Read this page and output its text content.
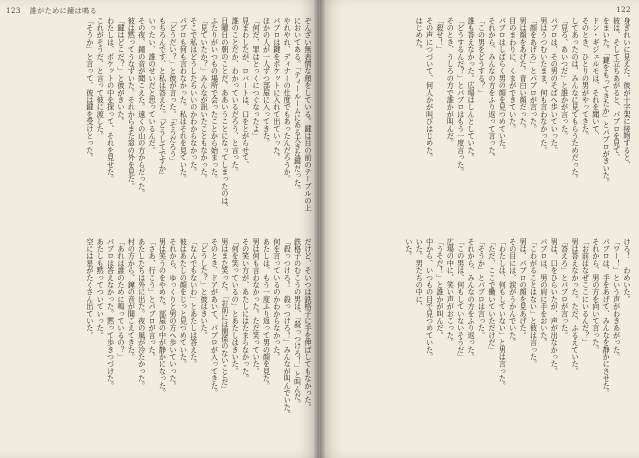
123 誰がために鐘は鳴る
ぞんざい無表情な顔をしている。鍵は目の前のテーブルの上
においてある。「ティールームにある大きな鍵だった。
やれやれ、ディナーの仕度でもあったんだろうか。
パブロは鍵をポケットに入れて出ていった。
ほかの人が一人ずつ部屋に入ってきた。
「何だ、罪はとっくにつぐなったよ」
見まわしたが、ロバートは、口をとがらせて、
誰のことだか、わかっているだろう、と言った。
日曜日の朝のことだ。ああいうことになってしまったのは、
ふたりがいつもの場所で会ったことから始まった。
「見ていたか？」みんなが訊いたこともなかった。
そこで私はどうしたらいいのかわからなかった。
パブロも何も言わなかった。私はそれを見ていた。
「どうだい？」と彼が言った。「そうだろう」
もちろんです、と私は答えた。「どうしてですか」
いったい、誰のせいだと思っているんだ。
その夜、鐘の音が聞こえた。遠くの山の方からだった。
彼は黙ってうなずいた。それからまた窓の外を見た。
「鍵はどこだ？」と彼がきいた。
わたしは、ポケットの中を探って、それを見せた。
これがそうだ、と言って彼に渡した。
「そうか」と言って、彼は鍵を受けとった。
だけど、そいつは鉄格子に手を伸ばしてもなかった。
鉄格子のむこうの男は、「殺っつけろ！」と叫んだ。
「殺っつけろ！　殺っつけろ！」みんなが叫んでいた。
何を言っているのかわからなかった。
あたしは、もう一度ふり返って男の顔を見た。
男は何も言わなかった。ただ笑っていた。
その笑い方が、あたしにはたまらなかった。
「何を笑っているの」とあたしはきいた。
男はまた笑った。「お前には関係のないことだ」
そのとき、ドアがあいて、パブロが入ってきた。
「どうした？」と彼はきいた。
「なんでもないわ」とあたしは答えた。
彼はあたしの顔をじっと見つめていた。
それから、ゆっくりと男の方へ歩いていった。
男は笑うのをやめた。部屋の中が静かになった。
「さあ、行こう」とパブロが言った。
あたしたちは外に出た。夜の風が冷たかった。
村の方から、鐘の音が聞こえてきた。
「あれは誰のために鳴っているの？」
パブロは答えなかった。黙って歩きつづけた。
あたしも黙ってついていった。
空には星がたくさん出ていた。
122
身ぎれいに見えた。彼が十字架に接吻すると、
彼は、そして立ちあがると、パブロを見て、
をまいた。「鍵をもってきたか」とパブロがきいた。
ドン・ギジェルモは、それを聞いて、
そのとき、ひとりの男がやってきた。
してあったのは、みんなに見てもらうためだった。
「見ろ、あいつだ」と誰かが言った。
パブロは、その男のそばへ歩いていった。
男はうつむいたまま、何も言わなかった。
「顔をあげろ」とパブロが言った。
男は顔をあげた。青白い顔だった。
目のまわりに、くまができていた。
パブロはしばらく男の顔を見つめていた。
それから、みんなの方をふり返って言った。
「この男をどうする？」
誰も答えなかった。広場はしんとしていた。
「どうするんだ？」とパブロはもう一度言った。
そのとき、うしろの方で誰かが叫んだ。
「殺せ！」
その声につづいて、何人かが叫びはじめた。
はじめた。
けろ！　わめいた。
「ワー！」という声がわきあがった。
パブロは、手をあげて、みんなを静かにさせた。
それから、男の方を向いて言った。
「お前はなぜここにいるんだ？」
男は答えなかった。ただ、ふるえていた。
「答えろ」とパブロが言った。
男は、口をひらいたが、声が出なかった。
パブロは、男の肩に手をおいた。
「こわがることはない」と彼は言った。
男は、パブロの顔を見あげた。
その目には、涙がうかんでいた。
「わたしは、何もしていない」と男は言った。
「ただ、ここで働いていただけだ」
「そうか」とパブロは言った。
それから、みんなの方をふり返った。
「この男は、何もしていないそうだ」
広場の中に、笑い声がおこった。
「うそだ！」と誰かが叫んだ。
中から、いつもの目で見つめていた。
いた。男たちの中に、
いた。
